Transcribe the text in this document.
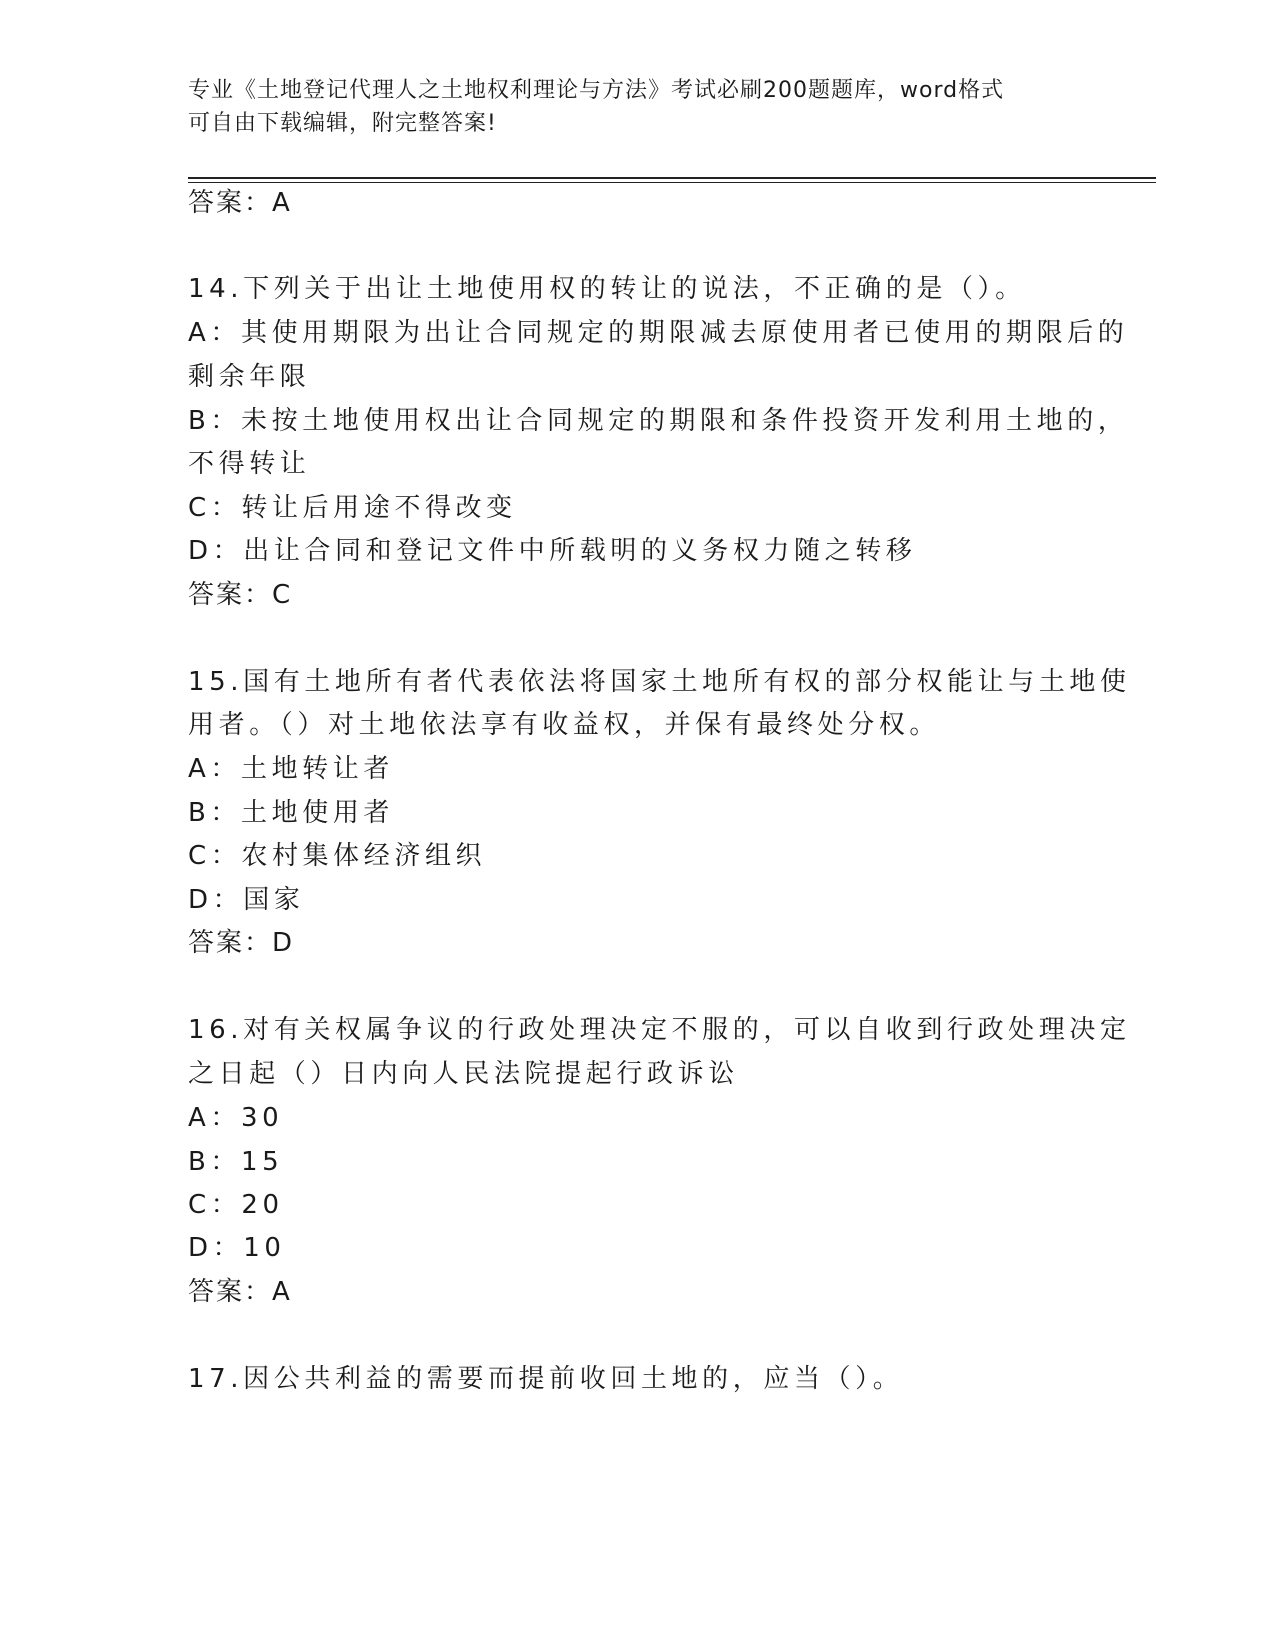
专业《土地登记代理人之土地权利理论与方法》考试必刷200题题库，word格式

可自由下载编辑，附完整答案!

答案：A

14.下列关于出让土地使用权的转让的说法，不正确的是（）。

A：其使用期限为出让合同规定的期限减去原使用者已使用的期限后的

剩余年限

B：未按土地使用权出让合同规定的期限和条件投资开发利用土地的，

不得转让

C：转让后用途不得改变

D：出让合同和登记文件中所载明的义务权力随之转移

答案：C

15.国有土地所有者代表依法将国家土地所有权的部分权能让与土地使

用者。（）对土地依法享有收益权，并保有最终处分权。

A：土地转让者

B：土地使用者

C：农村集体经济组织

D：国家

答案：D

16.对有关权属争议的行政处理决定不服的，可以自收到行政处理决定

之日起（）日内向人民法院提起行政诉讼

A：30

B：15

C：20

D：10

答案：A

17.因公共利益的需要而提前收回土地的，应当（）。
